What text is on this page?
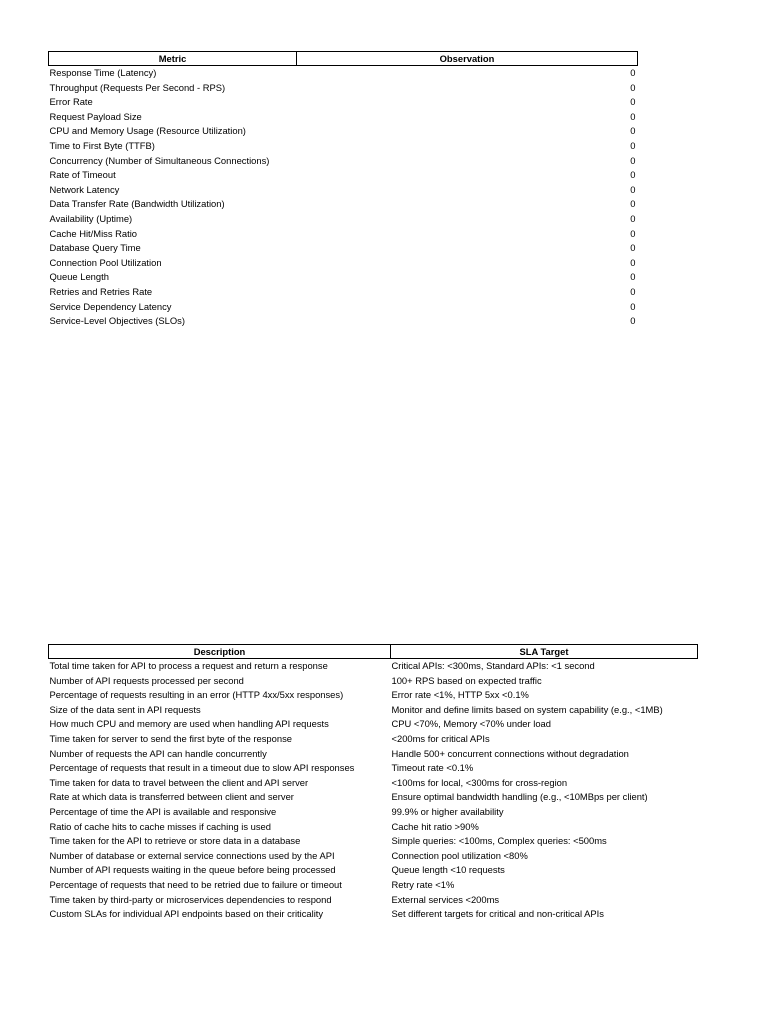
Metric	Observation
Response Time (Latency)	0
Throughput (Requests Per Second - RPS)	0
Error Rate	0
Request Payload Size	0
CPU and Memory Usage (Resource Utilization)	0
Time to First Byte (TTFB)	0
Concurrency (Number of Simultaneous Connections)	0
Rate of Timeout	0
Network Latency	0
Data Transfer Rate (Bandwidth Utilization)	0
Availability (Uptime)	0
Cache Hit/Miss Ratio	0
Database Query Time	0
Connection Pool Utilization	0
Queue Length	0
Retries and Retries Rate	0
Service Dependency Latency	0
Service-Level Objectives (SLOs)	0
Description	SLA Target
Total time taken for API to process a request and return a response	Critical APIs: <300ms, Standard APIs: <1 second
Number of API requests processed per second	100+ RPS based on expected traffic
Percentage of requests resulting in an error (HTTP 4xx/5xx responses)	Error rate <1%, HTTP 5xx <0.1%
Size of the data sent in API requests	Monitor and define limits based on system capability (e.g., <1MB)
How much CPU and memory are used when handling API requests	CPU <70%, Memory <70% under load
Time taken for server to send the first byte of the response	<200ms for critical APIs
Number of requests the API can handle concurrently	Handle 500+ concurrent connections without degradation
Percentage of requests that result in a timeout due to slow API responses	Timeout rate <0.1%
Time taken for data to travel between the client and API server	<100ms for local, <300ms for cross-region
Rate at which data is transferred between client and server	Ensure optimal bandwidth handling (e.g., <10MBps per client)
Percentage of time the API is available and responsive	99.9% or higher availability
Ratio of cache hits to cache misses if caching is used	Cache hit ratio >90%
Time taken for the API to retrieve or store data in a database	Simple queries: <100ms, Complex queries: <500ms
Number of database or external service connections used by the API	Connection pool utilization <80%
Number of API requests waiting in the queue before being processed	Queue length <10 requests
Percentage of requests that need to be retried due to failure or timeout	Retry rate <1%
Time taken by third-party or microservices dependencies to respond	External services <200ms
Custom SLAs for individual API endpoints based on their criticality	Set different targets for critical and non-critical APIs
